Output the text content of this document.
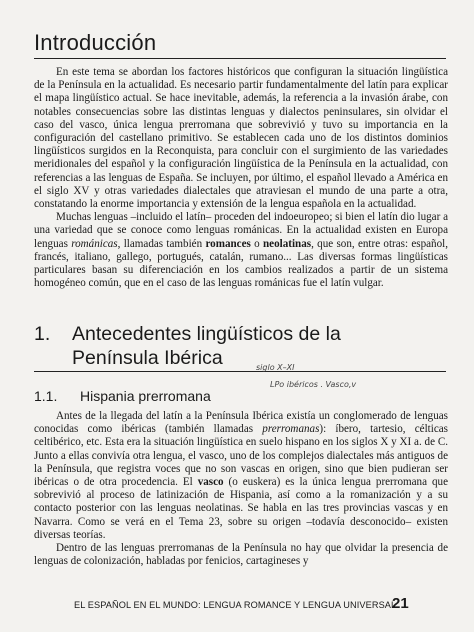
Introducción

En este tema se abordan los factores históricos que configuran la situación lingüística de la Península en la actualidad. Es necesario partir fundamentalmente del latín para explicar el mapa lingüístico actual. Se hace inevitable, además, la referencia a la invasión árabe, con notables consecuencias sobre las distintas lenguas y dialectos peninsulares, sin olvidar el caso del vasco, única lengua prerromana que sobrevivió y tuvo su importancia en la configuración del castellano primitivo. Se establecen cada uno de los distintos dominios lingüísticos surgidos en la Reconquista, para concluir con el surgimiento de las variedades meridionales del español y la configuración lingüística de la Península en la actualidad, con referencias a las lenguas de España. Se incluyen, por último, el español llevado a América en el siglo XV y otras variedades dialectales que atraviesan el mundo de una parte a otra, constatando la enorme importancia y extensión de la lengua española en la actualidad.

Muchas lenguas –incluido el latín– proceden del indoeuropeo; si bien el latín dio lugar a una variedad que se conoce como lenguas románicas. En la actualidad existen en Europa lenguas románicas, llamadas también romances o neolatinas, que son, entre otras: español, francés, italiano, gallego, portugués, catalán, rumano... Las diversas formas lingüísticas particulares basan su diferenciación en los cambios realizados a partir de un sistema homogéneo común, que en el caso de las lenguas románicas fue el latín vulgar.

1. Antecedentes lingüísticos de la
Península Ibérica	siglo X–XI
LPo ibéricos . Vasco,v
1.1. Hispania prerromana

Antes de la llegada del latín a la Península Ibérica existía un conglomerado de lenguas conocidas como ibéricas (también llamadas prerromanas): íbero, tartesio, célticas celtibérico, etc. Esta era la situación lingüística en suelo hispano en los siglos X y XI a. de C. Junto a ellas convivía otra lengua, el vasco, uno de los complejos dialectales más antiguos de la Península, que registra voces que no son vascas en origen, sino que bien pudieran ser ibéricas o de otra procedencia. El vasco (o euskera) es la única lengua prerromana que sobrevivió al proceso de latinización de Hispania, así como a la romanización y a su contacto posterior con las lenguas neolatinas. Se habla en las tres provincias vascas y en Navarra. Como se verá en el Tema 23, sobre su origen –todavía desconocido– existen diversas teorías.

Dentro de las lenguas prerromanas de la Península no hay que olvidar la presencia de lenguas de colonización, habladas por fenicios, cartagineses y

EL ESPAÑOL EN EL MUNDO: LENGUA ROMANCE Y LENGUA UNIVERSAL
21
